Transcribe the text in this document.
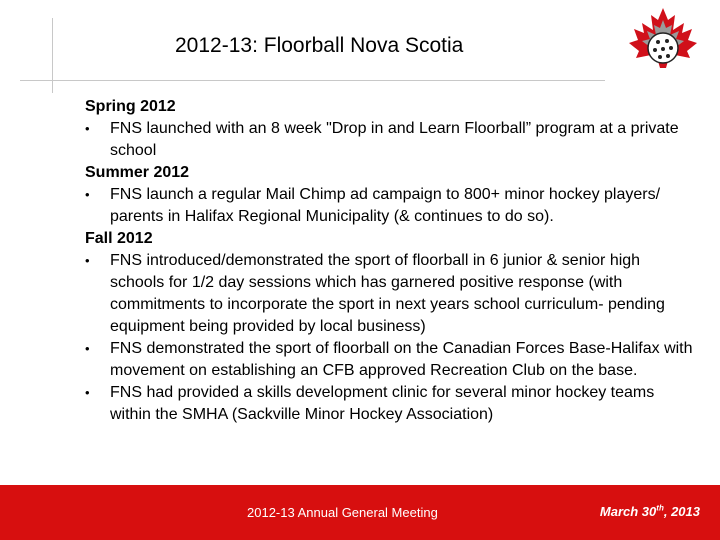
2012-13: Floorball Nova Scotia
Spring 2012
• FNS launched with an 8 week "Drop in and Learn Floorball” program at a private school
Summer 2012
• FNS launch a regular Mail Chimp ad campaign to 800+ minor hockey players/ parents in Halifax Regional Municipality (& continues to do so).
Fall 2012
• FNS introduced/demonstrated the sport of floorball in 6 junior & senior high schools for 1/2 day sessions which has garnered positive response (with commitments to incorporate the sport in next years school curriculum- pending equipment being provided by local business)
• FNS demonstrated the sport of floorball on the Canadian Forces Base-Halifax with movement on establishing an CFB approved Recreation Club on the base.
• FNS had provided a skills development clinic for several minor hockey teams within the SMHA (Sackville Minor Hockey Association)
2012-13 Annual General Meeting	March 30th, 2013
